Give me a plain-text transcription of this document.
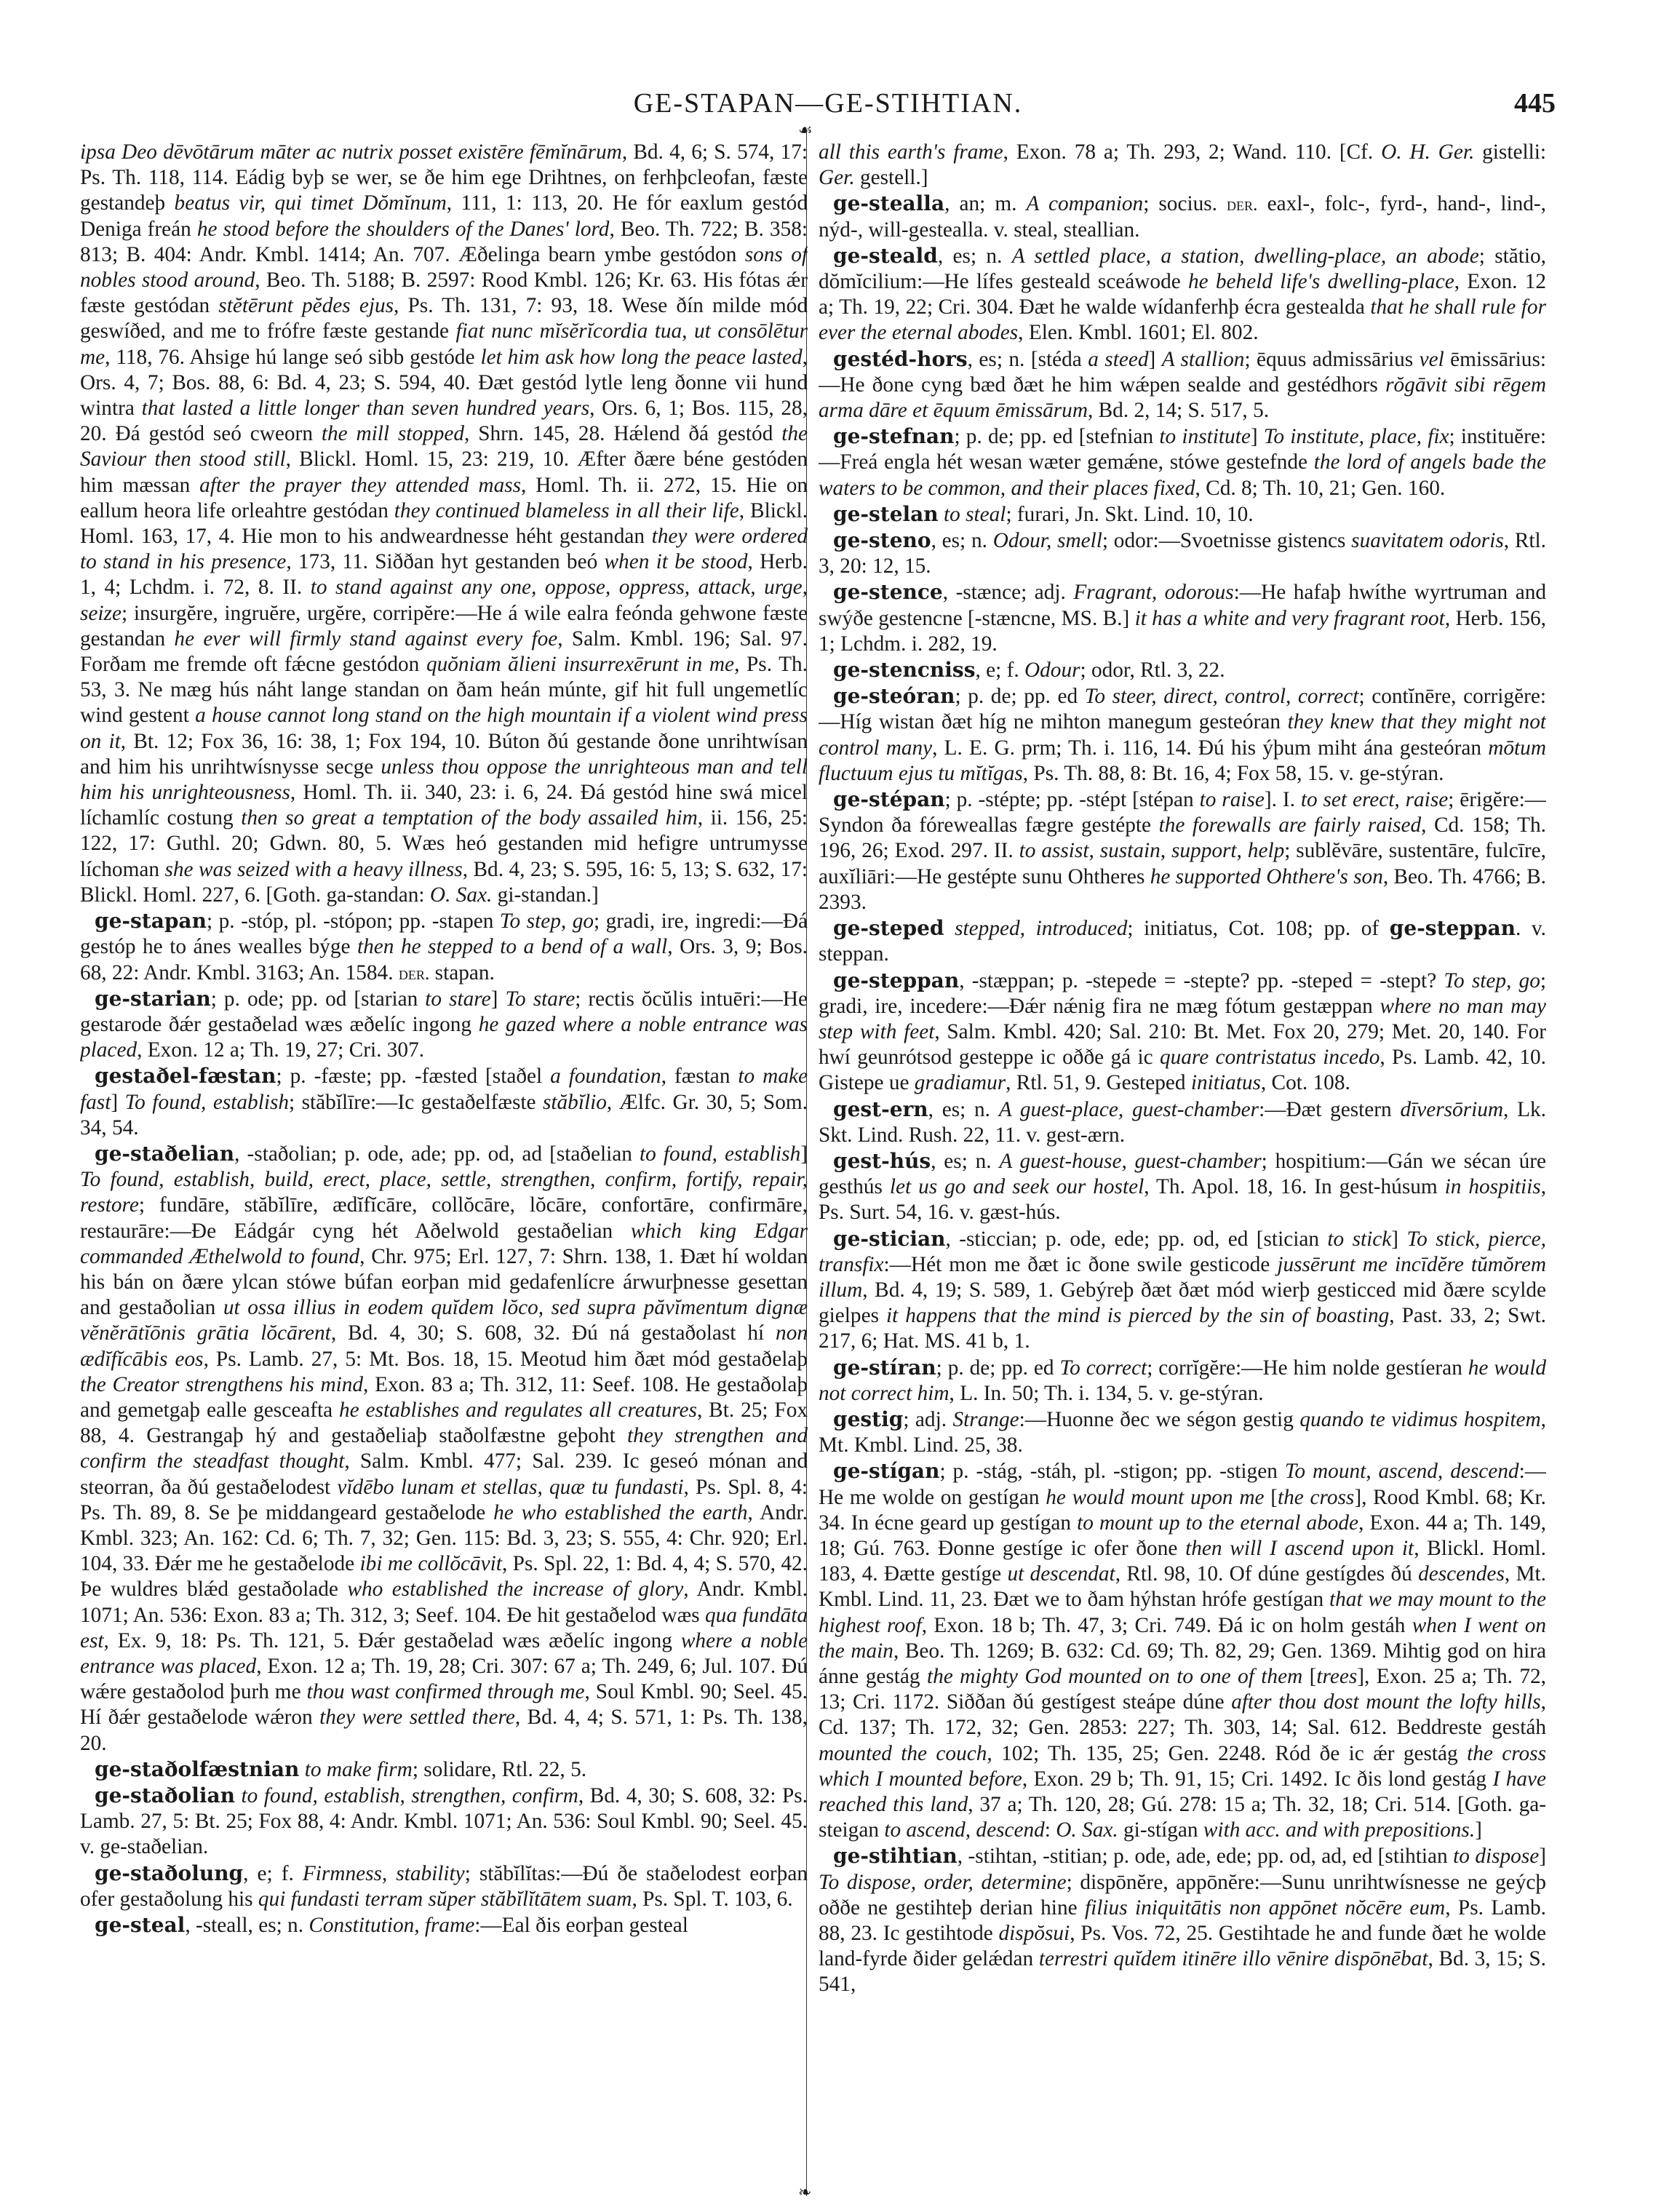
GE-STAPAN—GE-STIHTIAN.	445
☙
❧

ipsa Deo dēvōtārum māter ac nutrix posset existēre fēmĭnārum, Bd. 4, 6; S. 574, 17: Ps. Th. 118, 114. Eádig byþ se wer, se ðe him ege Drihtnes, on ferhþcleofan, fæste gestandeþ beatus vir, qui timet Dŏmĭnum, 111, 1: 113, 20. He fór eaxlum gestód Deniga freán he stood before the shoulders of the Danes' lord, Beo. Th. 722; B. 358: 813; B. 404: Andr. Kmbl. 1414; An. 707. Æðelinga bearn ymbe gestódon sons of nobles stood around, Beo. Th. 5188; B. 2597: Rood Kmbl. 126; Kr. 63. His fótas ǽr fæste gestódan stĕtērunt pĕdes ejus, Ps. Th. 131, 7: 93, 18. Wese ðín milde mód geswíðed, and me to frófre fæste gestande fiat nunc mĭsĕrĭcordia tua, ut consōlētur me, 118, 76. Ahsige hú lange seó sibb gestóde let him ask how long the peace lasted, Ors. 4, 7; Bos. 88, 6: Bd. 4, 23; S. 594, 40. Ðæt gestód lytle leng ðonne vii hund wintra that lasted a little longer than seven hundred years, Ors. 6, 1; Bos. 115, 28, 20. Ðá gestód seó cweorn the mill stopped, Shrn. 145, 28. Hǽlend ðá gestód the Saviour then stood still, Blickl. Homl. 15, 23: 219, 10. Æfter ðære béne gestóden him mæssan after the prayer they attended mass, Homl. Th. ii. 272, 15. Hie on eallum heora life orleahtre gestódan they continued blameless in all their life, Blickl. Homl. 163, 17, 4. Hie mon to his andweardnesse héht gestandan they were ordered to stand in his presence, 173, 11. Siððan hyt gestanden beó when it be stood, Herb. 1, 4; Lchdm. i. 72, 8. II. to stand against any one, oppose, oppress, attack, urge, seize; insurgĕre, ingruĕre, urgĕre, corripĕre:—He á wile ealra feónda gehwone fæste gestandan he ever will firmly stand against every foe, Salm. Kmbl. 196; Sal. 97. Forðam me fremde oft fǽcne gestódon quŏniam ălieni insurrexērunt in me, Ps. Th. 53, 3. Ne mæg hús náht lange standan on ðam heán múnte, gif hit full ungemetlíc wind gestent a house cannot long stand on the high mountain if a violent wind press on it, Bt. 12; Fox 36, 16: 38, 1; Fox 194, 10. Búton ðú gestande ðone unrihtwísan and him his unrihtwísnysse secge unless thou oppose the unrighteous man and tell him his unrighteousness, Homl. Th. ii. 340, 23: i. 6, 24. Ðá gestód hine swá micel líchamlíc costung then so great a temptation of the body assailed him, ii. 156, 25: 122, 17: Guthl. 20; Gdwn. 80, 5. Wæs heó gestanden mid hefigre untrumysse líchoman she was seized with a heavy illness, Bd. 4, 23; S. 595, 16: 5, 13; S. 632, 17: Blickl. Homl. 227, 6. [Goth. ga-standan: O. Sax. gi-standan.]

ge-stapan; p. -stóp, pl. -stópon; pp. -stapen To step, go; gradi, ire, ingredi:—Ðá gestóp he to ánes wealles býge then he stepped to a bend of a wall, Ors. 3, 9; Bos. 68, 22: Andr. Kmbl. 3163; An. 1584. der. stapan.

ge-starian; p. ode; pp. od [starian to stare] To stare; rectis ŏcŭlis intuēri:—He gestarode ðǽr gestaðelad wæs æðelíc ingong he gazed where a noble entrance was placed, Exon. 12 a; Th. 19, 27; Cri. 307.

gestaðel-fæstan; p. -fæste; pp. -fæsted [staðel a foundation, fæstan to make fast] To found, establish; stăbĭlīre:—Ic gestaðelfæste stăbĭlio, Ælfc. Gr. 30, 5; Som. 34, 54.

ge-staðelian, -staðolian; p. ode, ade; pp. od, ad [staðelian to found, establish] To found, establish, build, erect, place, settle, strengthen, confirm, fortify, repair, restore; fundāre, stăbĭlīre, ædĭfĭcāre, collŏcāre, lŏcāre, confortāre, confirmāre, restaurāre:—Ðe Eádgár cyng hét Aðelwold gestaðelian which king Edgar commanded Æthelwold to found, Chr. 975; Erl. 127, 7: Shrn. 138, 1. Ðæt hí woldan his bán on ðære ylcan stówe búfan eorþan mid gedafenlícre árwurþnesse gesettan and gestaðolian ut ossa illius in eodem quĭdem lŏco, sed supra păvĭmentum dignæ vĕnĕrātĭōnis grātia lŏcārent, Bd. 4, 30; S. 608, 32. Ðú ná gestaðolast hí non ædĭfĭcābis eos, Ps. Lamb. 27, 5: Mt. Bos. 18, 15. Meotud him ðæt mód gestaðelaþ the Creator strengthens his mind, Exon. 83 a; Th. 312, 11: Seef. 108. He gestaðolaþ and gemetgaþ ealle gesceafta he establishes and regulates all creatures, Bt. 25; Fox 88, 4. Gestrangaþ hý and gestaðeliaþ staðolfæstne geþoht they strengthen and confirm the steadfast thought, Salm. Kmbl. 477; Sal. 239. Ic geseó mónan and steorran, ða ðú gestaðelodest vĭdēbo lunam et stellas, quæ tu fundasti, Ps. Spl. 8, 4: Ps. Th. 89, 8. Se þe middangeard gestaðelode he who established the earth, Andr. Kmbl. 323; An. 162: Cd. 6; Th. 7, 32; Gen. 115: Bd. 3, 23; S. 555, 4: Chr. 920; Erl. 104, 33. Ðǽr me he gestaðelode ibi me collŏcāvit, Ps. Spl. 22, 1: Bd. 4, 4; S. 570, 42. Þe wuldres blǽd gestaðolade who established the increase of glory, Andr. Kmbl. 1071; An. 536: Exon. 83 a; Th. 312, 3; Seef. 104. Ðe hit gestaðelod wæs qua fundāta est, Ex. 9, 18: Ps. Th. 121, 5. Ðǽr gestaðelad wæs æðelíc ingong where a noble entrance was placed, Exon. 12 a; Th. 19, 28; Cri. 307: 67 a; Th. 249, 6; Jul. 107. Ðú wǽre gestaðolod þurh me thou wast confirmed through me, Soul Kmbl. 90; Seel. 45. Hí ðǽr gestaðelode wǽron they were settled there, Bd. 4, 4; S. 571, 1: Ps. Th. 138, 20.

ge-staðolfæstnian to make firm; solidare, Rtl. 22, 5.

ge-staðolian to found, establish, strengthen, confirm, Bd. 4, 30; S. 608, 32: Ps. Lamb. 27, 5: Bt. 25; Fox 88, 4: Andr. Kmbl. 1071; An. 536: Soul Kmbl. 90; Seel. 45. v. ge-staðelian.

ge-staðolung, e; f. Firmness, stability; stăbĭlĭtas:—Ðú ðe staðelodest eorþan ofer gestaðolung his qui fundasti terram sŭper stăbĭlĭtātem suam, Ps. Spl. T. 103, 6.

ge-steal, -steall, es; n. Constitution, frame:—Eal ðis eorþan gesteal

all this earth's frame, Exon. 78 a; Th. 293, 2; Wand. 110. [Cf. O. H. Ger. gistelli: Ger. gestell.]

ge-stealla, an; m. A companion; socius. der. eaxl-, folc-, fyrd-, hand-, lind-, nýd-, will-gestealla. v. steal, steallian.

ge-steald, es; n. A settled place, a station, dwelling-place, an abode; stătio, dŏmĭcilium:—He lífes gesteald sceáwode he beheld life's dwelling-place, Exon. 12 a; Th. 19, 22; Cri. 304. Ðæt he walde wídanferhþ écra gestealda that he shall rule for ever the eternal abodes, Elen. Kmbl. 1601; El. 802.

gestéd-hors, es; n. [stéda a steed] A stallion; ēquus admissārius vel ēmissārius:—He ðone cyng bæd ðæt he him wǽpen sealde and gestédhors rŏgāvit sibi rēgem arma dāre et ēquum ēmissārum, Bd. 2, 14; S. 517, 5.

ge-stefnan; p. de; pp. ed [stefnian to institute] To institute, place, fix; instituĕre:—Freá engla hét wesan wæter gemǽne, stówe gestefnde the lord of angels bade the waters to be common, and their places fixed, Cd. 8; Th. 10, 21; Gen. 160.

ge-stelan to steal; furari, Jn. Skt. Lind. 10, 10.

ge-steno, es; n. Odour, smell; odor:—Svoetnisse gistencs suavitatem odoris, Rtl. 3, 20: 12, 15.

ge-stence, -stænce; adj. Fragrant, odorous:—He hafaþ hwíthe wyrtruman and swýðe gestencne [-stæncne, MS. B.] it has a white and very fragrant root, Herb. 156, 1; Lchdm. i. 282, 19.

ge-stencniss, e; f. Odour; odor, Rtl. 3, 22.

ge-steóran; p. de; pp. ed To steer, direct, control, correct; contĭnēre, corrigĕre:—Híg wistan ðæt híg ne mihton manegum gesteóran they knew that they might not control many, L. E. G. prm; Th. i. 116, 14. Ðú his ýþum miht ána gesteóran mōtum fluctuum ejus tu mĭtĭgas, Ps. Th. 88, 8: Bt. 16, 4; Fox 58, 15. v. ge-stýran.

ge-stépan; p. -stépte; pp. -stépt [stépan to raise]. I. to set erect, raise; ērigĕre:—Syndon ða fóreweallas fægre gestépte the forewalls are fairly raised, Cd. 158; Th. 196, 26; Exod. 297. II. to assist, sustain, support, help; sublĕvāre, sustentāre, fulcīre, auxĭliāri:—He gestépte sunu Ohtheres he supported Ohthere's son, Beo. Th. 4766; B. 2393.

ge-steped stepped, introduced; initiatus, Cot. 108; pp. of ge-steppan. v. steppan.

ge-steppan, -stæppan; p. -stepede = -stepte? pp. -steped = -stept? To step, go; gradi, ire, incedere:—Ðǽr nǽnig fira ne mæg fótum gestæppan where no man may step with feet, Salm. Kmbl. 420; Sal. 210: Bt. Met. Fox 20, 279; Met. 20, 140. For hwí geunrótsod gesteppe ic oððe gá ic quare contristatus incedo, Ps. Lamb. 42, 10. Gistepe ue gradiamur, Rtl. 51, 9. Gesteped initiatus, Cot. 108.

gest-ern, es; n. A guest-place, guest-chamber:—Ðæt gestern dīversōrium, Lk. Skt. Lind. Rush. 22, 11. v. gest-ærn.

gest-hús, es; n. A guest-house, guest-chamber; hospitium:—Gán we sécan úre gesthús let us go and seek our hostel, Th. Apol. 18, 16. In gest-húsum in hospitiis, Ps. Surt. 54, 16. v. gæst-hús.

ge-stician, -sticcian; p. ode, ede; pp. od, ed [stician to stick] To stick, pierce, transfix:—Hét mon me ðæt ic ðone swile gesticode jussērunt me incīdĕre tŭmŏrem illum, Bd. 4, 19; S. 589, 1. Gebýreþ ðæt ðæt mód wierþ gesticced mid ðære scylde gielpes it happens that the mind is pierced by the sin of boasting, Past. 33, 2; Swt. 217, 6; Hat. MS. 41 b, 1.

ge-stíran; p. de; pp. ed To correct; corrĭgĕre:—He him nolde gestíeran he would not correct him, L. In. 50; Th. i. 134, 5. v. ge-stýran.

gestig; adj. Strange:—Huonne ðec we ségon gestig quando te vidimus hospitem, Mt. Kmbl. Lind. 25, 38.

ge-stígan; p. -stág, -stáh, pl. -stigon; pp. -stigen To mount, ascend, descend:—He me wolde on gestígan he would mount upon me [the cross], Rood Kmbl. 68; Kr. 34. In écne geard up gestígan to mount up to the eternal abode, Exon. 44 a; Th. 149, 18; Gú. 763. Ðonne gestíge ic ofer ðone then will I ascend upon it, Blickl. Homl. 183, 4. Ðætte gestíge ut descendat, Rtl. 98, 10. Of dúne gestígdes ðú descendes, Mt. Kmbl. Lind. 11, 23. Ðæt we to ðam hýhstan hrófe gestígan that we may mount to the highest roof, Exon. 18 b; Th. 47, 3; Cri. 749. Ðá ic on holm gestáh when I went on the main, Beo. Th. 1269; B. 632: Cd. 69; Th. 82, 29; Gen. 1369. Mihtig god on hira ánne gestág the mighty God mounted on to one of them [trees], Exon. 25 a; Th. 72, 13; Cri. 1172. Siððan ðú gestígest steápe dúne after thou dost mount the lofty hills, Cd. 137; Th. 172, 32; Gen. 2853: 227; Th. 303, 14; Sal. 612. Beddreste gestáh mounted the couch, 102; Th. 135, 25; Gen. 2248. Ród ðe ic ǽr gestág the cross which I mounted before, Exon. 29 b; Th. 91, 15; Cri. 1492. Ic ðis lond gestág I have reached this land, 37 a; Th. 120, 28; Gú. 278: 15 a; Th. 32, 18; Cri. 514. [Goth. ga-steigan to ascend, descend: O. Sax. gi-stígan with acc. and with prepositions.]

ge-stihtian, -stihtan, -stitian; p. ode, ade, ede; pp. od, ad, ed [stihtian to dispose] To dispose, order, determine; dispōnĕre, appōnĕre:—Sunu unrihtwísnesse ne geýcþ oððe ne gestihteþ derian hine filius iniquitātis non appōnet nŏcēre eum, Ps. Lamb. 88, 23. Ic gestihtode dispŏsui, Ps. Vos. 72, 25. Gestihtade he and funde ðæt he wolde land-fyrde ðider gelǽdan terrestri quĭdem itinēre illo vēnire dispōnēbat, Bd. 3, 15; S. 541,
